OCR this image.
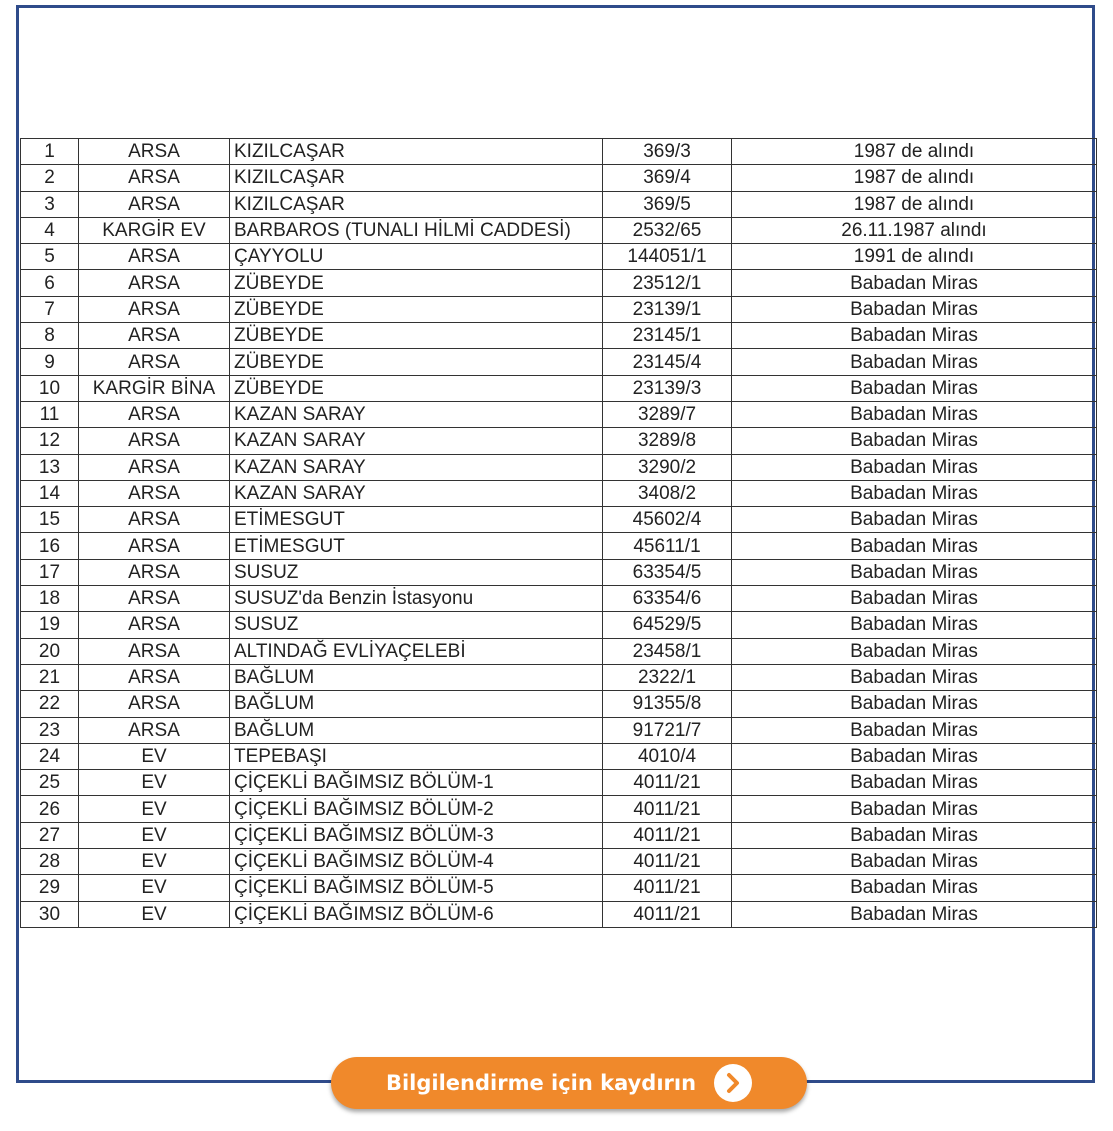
1	ARSA	KIZILCAŞAR	369/3	1987 de alındı
2	ARSA	KIZILCAŞAR	369/4	1987 de alındı
3	ARSA	KIZILCAŞAR	369/5	1987 de alındı
4	KARGİR EV	BARBAROS (TUNALI HİLMİ CADDESİ)	2532/65	26.11.1987 alındı
5	ARSA	ÇAYYOLU	144051/1	1991 de alındı
6	ARSA	ZÜBEYDE	23512/1	Babadan Miras
7	ARSA	ZÜBEYDE	23139/1	Babadan Miras
8	ARSA	ZÜBEYDE	23145/1	Babadan Miras
9	ARSA	ZÜBEYDE	23145/4	Babadan Miras
10	KARGİR BİNA	ZÜBEYDE	23139/3	Babadan Miras
11	ARSA	KAZAN SARAY	3289/7	Babadan Miras
12	ARSA	KAZAN SARAY	3289/8	Babadan Miras
13	ARSA	KAZAN SARAY	3290/2	Babadan Miras
14	ARSA	KAZAN SARAY	3408/2	Babadan Miras
15	ARSA	ETİMESGUT	45602/4	Babadan Miras
16	ARSA	ETİMESGUT	45611/1	Babadan Miras
17	ARSA	SUSUZ	63354/5	Babadan Miras
18	ARSA	SUSUZ'da Benzin İstasyonu	63354/6	Babadan Miras
19	ARSA	SUSUZ	64529/5	Babadan Miras
20	ARSA	ALTINDAĞ EVLİYAÇELEBİ	23458/1	Babadan Miras
21	ARSA	BAĞLUM	2322/1	Babadan Miras
22	ARSA	BAĞLUM	91355/8	Babadan Miras
23	ARSA	BAĞLUM	91721/7	Babadan Miras
24	EV	TEPEBAŞI	4010/4	Babadan Miras
25	EV	ÇİÇEKLİ BAĞIMSIZ BÖLÜM-1	4011/21	Babadan Miras
26	EV	ÇİÇEKLİ BAĞIMSIZ BÖLÜM-2	4011/21	Babadan Miras
27	EV	ÇİÇEKLİ BAĞIMSIZ BÖLÜM-3	4011/21	Babadan Miras
28	EV	ÇİÇEKLİ BAĞIMSIZ BÖLÜM-4	4011/21	Babadan Miras
29	EV	ÇİÇEKLİ BAĞIMSIZ BÖLÜM-5	4011/21	Babadan Miras
30	EV	ÇİÇEKLİ BAĞIMSIZ BÖLÜM-6	4011/21	Babadan Miras
Bilgilendirme için kaydırın
